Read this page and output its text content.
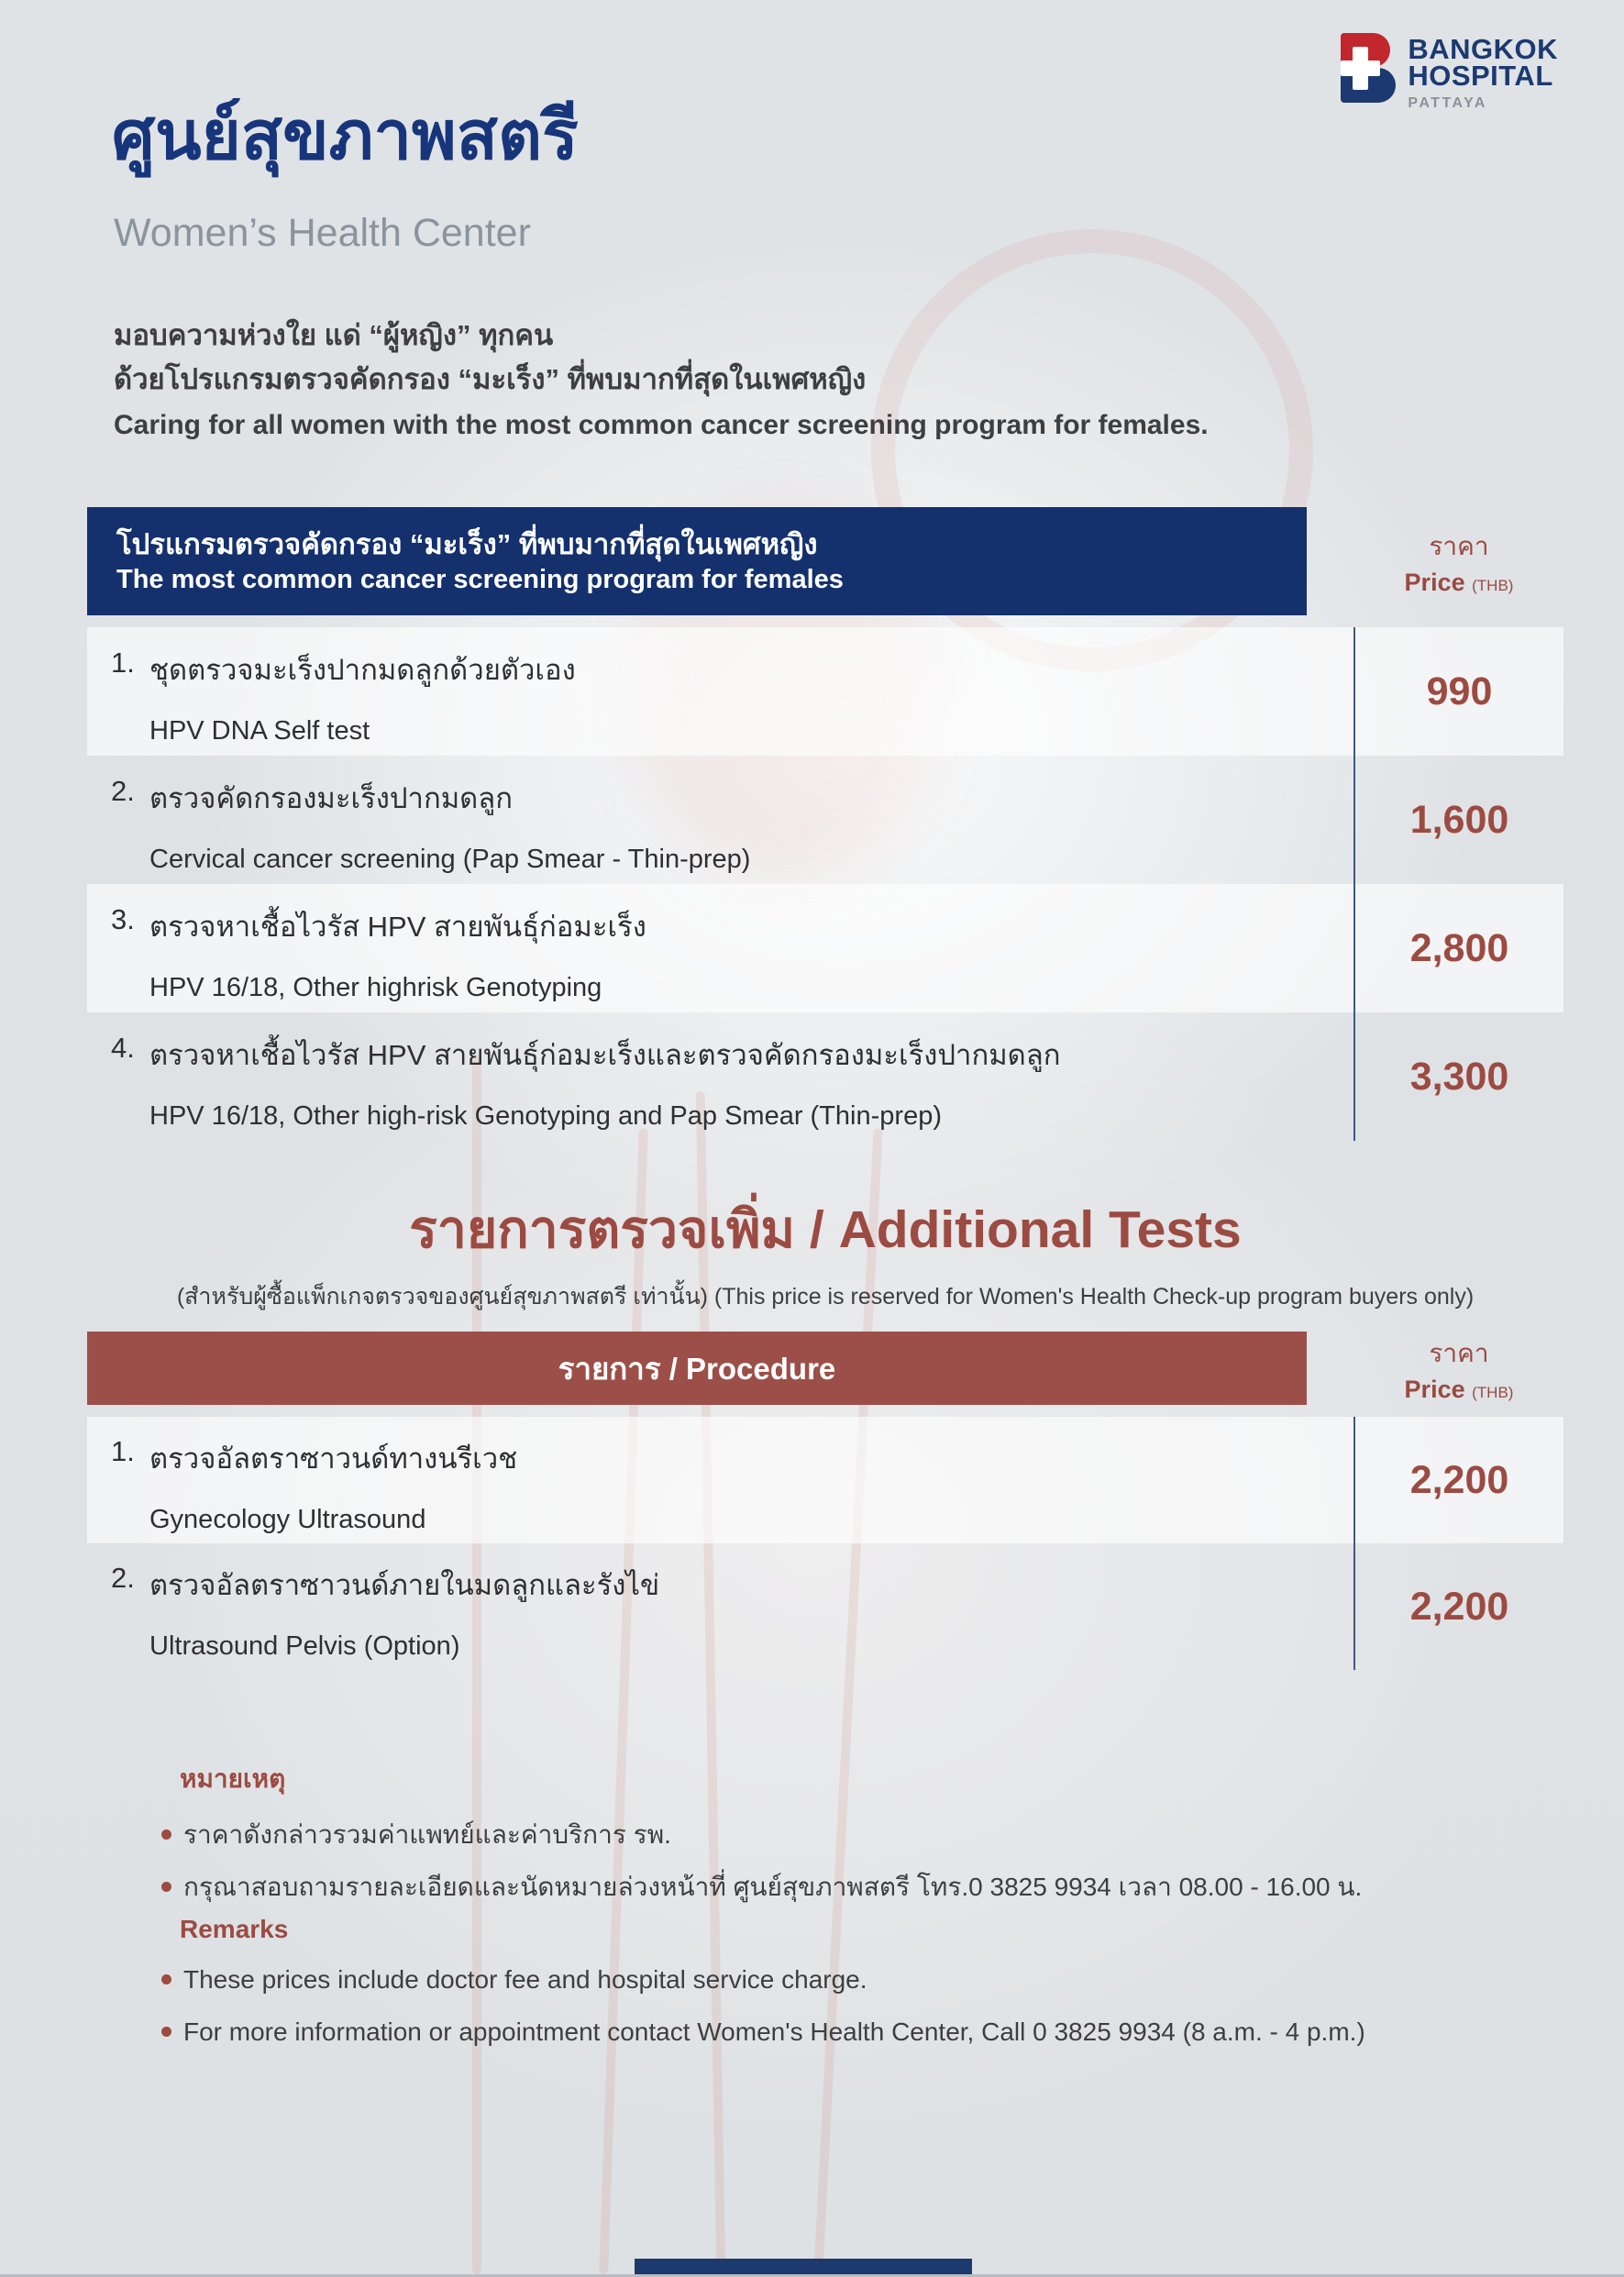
BANGKOK
HOSPITAL
PATTAYA
ศูนย์สุขภาพสตรี
Women’s Health Center
มอบความห่วงใย แด่ “ผู้หญิง” ทุกคน
ด้วยโปรแกรมตรวจคัดกรอง “มะเร็ง” ที่พบมากที่สุดในเพศหญิง
Caring for all women with the most common cancer screening program for females.
โปรแกรมตรวจคัดกรอง “มะเร็ง” ที่พบมากที่สุดในเพศหญิง
The most common cancer screening program for females
ราคา
Price (THB)
1. ชุดตรวจมะเร็งปากมดลูกด้วยตัวเอง
HPV DNA Self test
990
2. ตรวจคัดกรองมะเร็งปากมดลูก
Cervical cancer screening (Pap Smear - Thin-prep)
1,600
3. ตรวจหาเชื้อไวรัส HPV สายพันธุ์ก่อมะเร็ง
HPV 16/18, Other highrisk Genotyping
2,800
4. ตรวจหาเชื้อไวรัส HPV สายพันธุ์ก่อมะเร็งและตรวจคัดกรองมะเร็งปากมดลูก
HPV 16/18, Other high-risk Genotyping and Pap Smear (Thin-prep)
3,300
รายการตรวจเพิ่ม / Additional Tests
(สำหรับผู้ซื้อแพ็กเกจตรวจของศูนย์สุขภาพสตรี เท่านั้น) (This price is reserved for Women's Health Check-up program buyers only)
รายการ / Procedure	ราคา
Price (THB)
1. ตรวจอัลตราซาวนด์ทางนรีเวช
Gynecology Ultrasound
2,200
2. ตรวจอัลตราซาวนด์ภายในมดลูกและรังไข่
Ultrasound Pelvis (Option)
2,200
หมายเหตุ
ราคาดังกล่าวรวมค่าแพทย์และค่าบริการ รพ.
กรุณาสอบถามรายละเอียดและนัดหมายล่วงหน้าที่ ศูนย์สุขภาพสตรี โทร.0 3825 9934 เวลา 08.00 - 16.00 น.
Remarks
These prices include doctor fee and hospital service charge.
For more information or appointment contact Women's Health Center, Call 0 3825 9934 (8 a.m. - 4 p.m.)
